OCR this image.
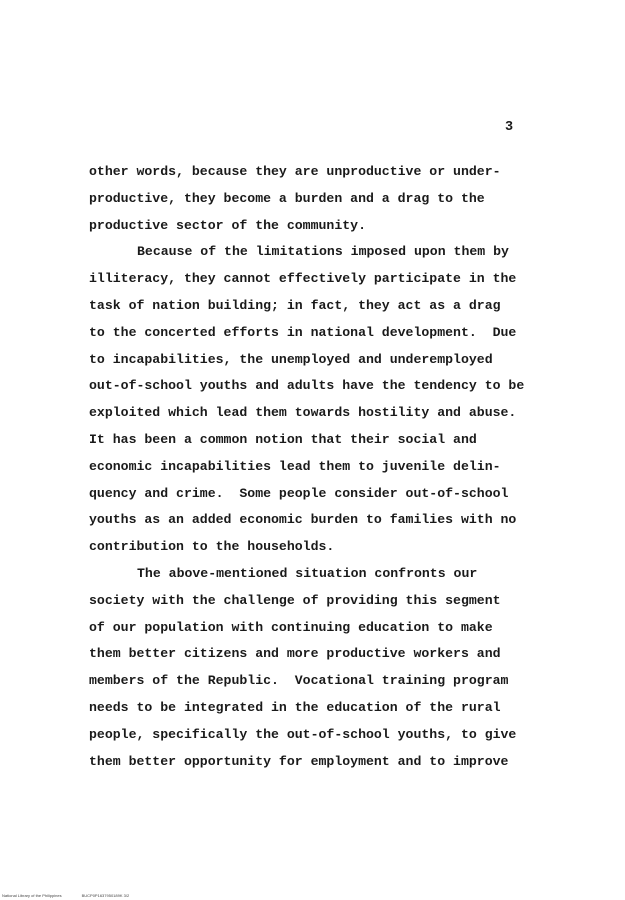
3
other words, because they are unproductive or under-
productive, they become a burden and a drag to the
productive sector of the community.
Because of the limitations imposed upon them by
illiteracy, they cannot effectively participate in the
task of nation building; in fact, they act as a drag
to the concerted efforts in national development.  Due
to incapabilities, the unemployed and underemployed
out-of-school youths and adults have the tendency to be
exploited which lead them towards hostility and abuse.
It has been a common notion that their social and
economic incapabilities lead them to juvenile delin-
quency and crime.  Some people consider out-of-school
youths as an added economic burden to families with no
contribution to the households.
The above-mentioned situation confronts our
society with the challenge of providing this segment
of our population with continuing education to make
them better citizens and more productive workers and
members of the Republic.  Vocational training program
needs to be integrated in the education of the rural
people, specifically the out-of-school youths, to give
them better opportunity for employment and to improve
National Library of the Philippines	BUCP0P1637950189K 3/2
